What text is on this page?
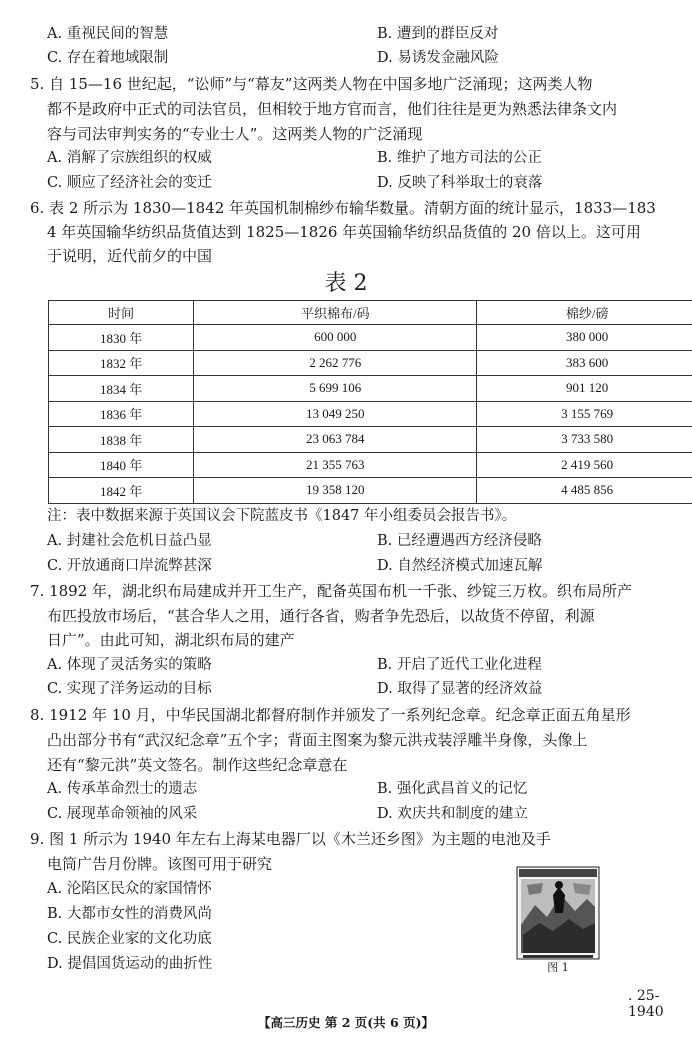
A. 重视民间的智慧	B. 遭到的群臣反对
C. 存在着地域限制	D. 易诱发金融风险
5. 自 15—16 世纪起，“讼师”与“幕友”这两类人物在中国多地广泛涌现；这两类人物
都不是政府中正式的司法官员，但相较于地方官而言，他们往往是更为熟悉法律条文内
容与司法审判实务的“专业士人”。这两类人物的广泛涌现
A. 消解了宗族组织的权威	B. 维护了地方司法的公正
C. 顺应了经济社会的变迁	D. 反映了科举取士的衰落
6. 表 2 所示为 1830—1842 年英国机制棉纱布输华数量。清朝方面的统计显示，1833—183
4 年英国输华纺织品货值达到 1825—1826 年英国输华纺织品货值的 20 倍以上。这可用
于说明，近代前夕的中国
表 2
时间	平织棉布/码	棉纱/磅
1830 年	600 000	380 000
1832 年	2 262 776	383 600
1834 年	5 699 106	901 120
1836 年	13 049 250	3 155 769
1838 年	23 063 784	3 733 580
1840 年	21 355 763	2 419 560
1842 年	19 358 120	4 485 856
注：表中数据来源于英国议会下院蓝皮书《1847 年小组委员会报告书》。
A. 封建社会危机日益凸显	B. 已经遭遇西方经济侵略
C. 开放通商口岸流弊甚深	D. 自然经济模式加速瓦解
7. 1892 年，湖北织布局建成并开工生产，配备英国布机一千张、纱锭三万枚。织布局所产
布匹投放市场后，“甚合华人之用，通行各省，购者争先恐后，以故货不停留，利源
日广”。由此可知，湖北织布局的建产
A. 体现了灵活务实的策略	B. 开启了近代工业化进程
C. 实现了洋务运动的目标	D. 取得了显著的经济效益
8. 1912 年 10 月，中华民国湖北都督府制作并颁发了一系列纪念章。纪念章正面五角星形
凸出部分书有“武汉纪念章”五个字；背面主图案为黎元洪戎装浮雕半身像，头像上
还有“黎元洪”英文签名。制作这些纪念章意在
A. 传承革命烈士的遗志	B. 强化武昌首义的记忆
C. 展现革命领袖的风采	D. 欢庆共和制度的建立
9. 图 1 所示为 1940 年左右上海某电器厂以《木兰还乡图》为主题的电池及手
电筒广告月份牌。该图可用于研究
A. 沦陷区民众的家国情怀
B. 大都市女性的消费风尚
C. 民族企业家的文化功底
D. 提倡国货运动的曲折性	图 1
. 25-1940
【高三历史 第 2 页(共 6 页)】
